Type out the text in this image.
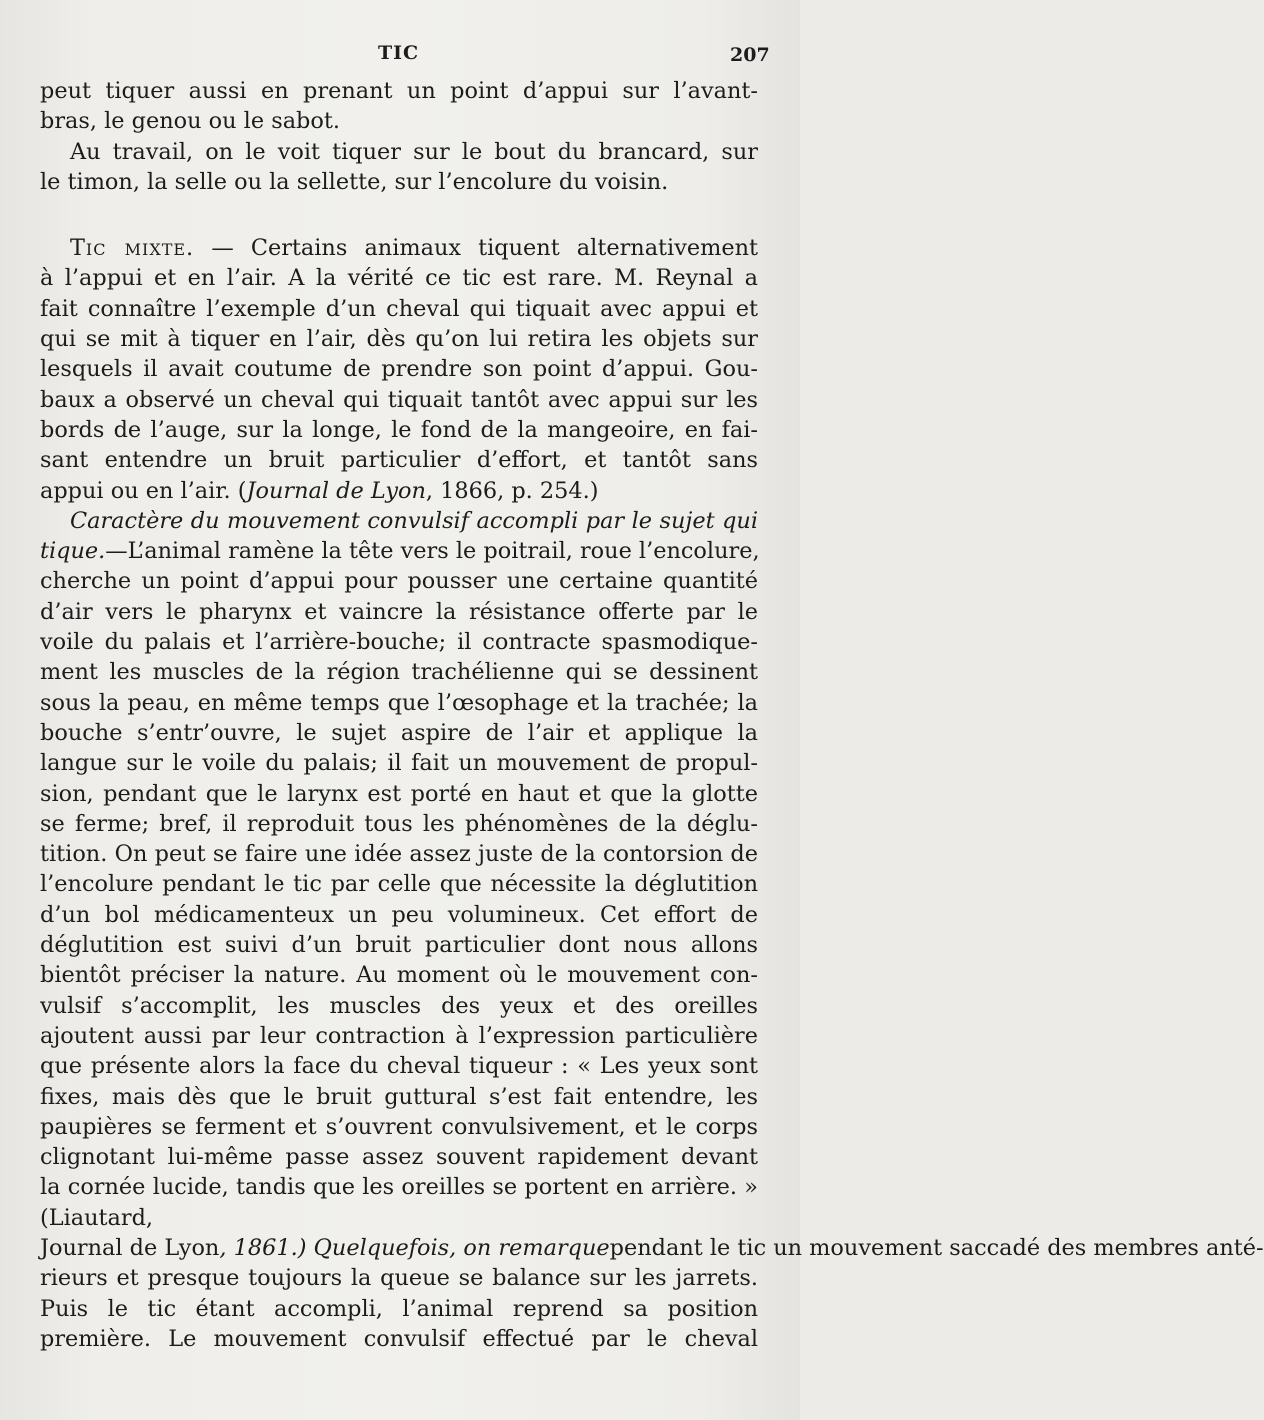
TIC	207
peut tiquer aussi en prenant un point d’appui sur l’avant-
bras, le genou ou le sabot.
Au travail, on le voit tiquer sur le bout du brancard, sur
le timon, la selle ou la sellette, sur l’encolure du voisin.
Tic mixte. — Certains animaux tiquent alternativement
à l’appui et en l’air. A la vérité ce tic est rare. M. Reynal a
fait connaître l’exemple d’un cheval qui tiquait avec appui et
qui se mit à tiquer en l’air, dès qu’on lui retira les objets sur
lesquels il avait coutume de prendre son point d’appui. Gou-
baux a observé un cheval qui tiquait tantôt avec appui sur les
bords de l’auge, sur la longe, le fond de la mangeoire, en fai-
sant entendre un bruit particulier d’effort, et tantôt sans
appui ou en l’air. (Journal de Lyon, 1866, p. 254.)
Caractère du mouvement convulsif accompli par le sujet qui
tique.—L’animal ramène la tête vers le poitrail, roue l’encolure,
cherche un point d’appui pour pousser une certaine quantité
d’air vers le pharynx et vaincre la résistance offerte par le
voile du palais et l’arrière-bouche; il contracte spasmodique-
ment les muscles de la région trachélienne qui se dessinent
sous la peau, en même temps que l’œsophage et la trachée; la
bouche s’entr’ouvre, le sujet aspire de l’air et applique la
langue sur le voile du palais; il fait un mouvement de propul-
sion, pendant que le larynx est porté en haut et que la glotte
se ferme; bref, il reproduit tous les phénomènes de la déglu-
tition. On peut se faire une idée assez juste de la contorsion de
l’encolure pendant le tic par celle que nécessite la déglutition
d’un bol médicamenteux un peu volumineux. Cet effort de
déglutition est suivi d’un bruit particulier dont nous allons
bientôt préciser la nature. Au moment où le mouvement con-
vulsif s’accomplit, les muscles des yeux et des oreilles
ajoutent aussi par leur contraction à l’expression particulière
que présente alors la face du cheval tiqueur : « Les yeux sont
fixes, mais dès que le bruit guttural s’est fait entendre, les
paupières se ferment et s’ouvrent convulsivement, et le corps
clignotant lui-même passe assez souvent rapidement devant
la cornée lucide, tandis que les oreilles se portent en arrière. »
(Liautard,
Journal de Lyon, 1861.) Quelquefois, on remarquependant le tic un mouvement saccadé des membres anté-
rieurs et presque toujours la queue se balance sur les jarrets.
Puis le tic étant accompli, l’animal reprend sa position
première. Le mouvement convulsif effectué par le cheval
